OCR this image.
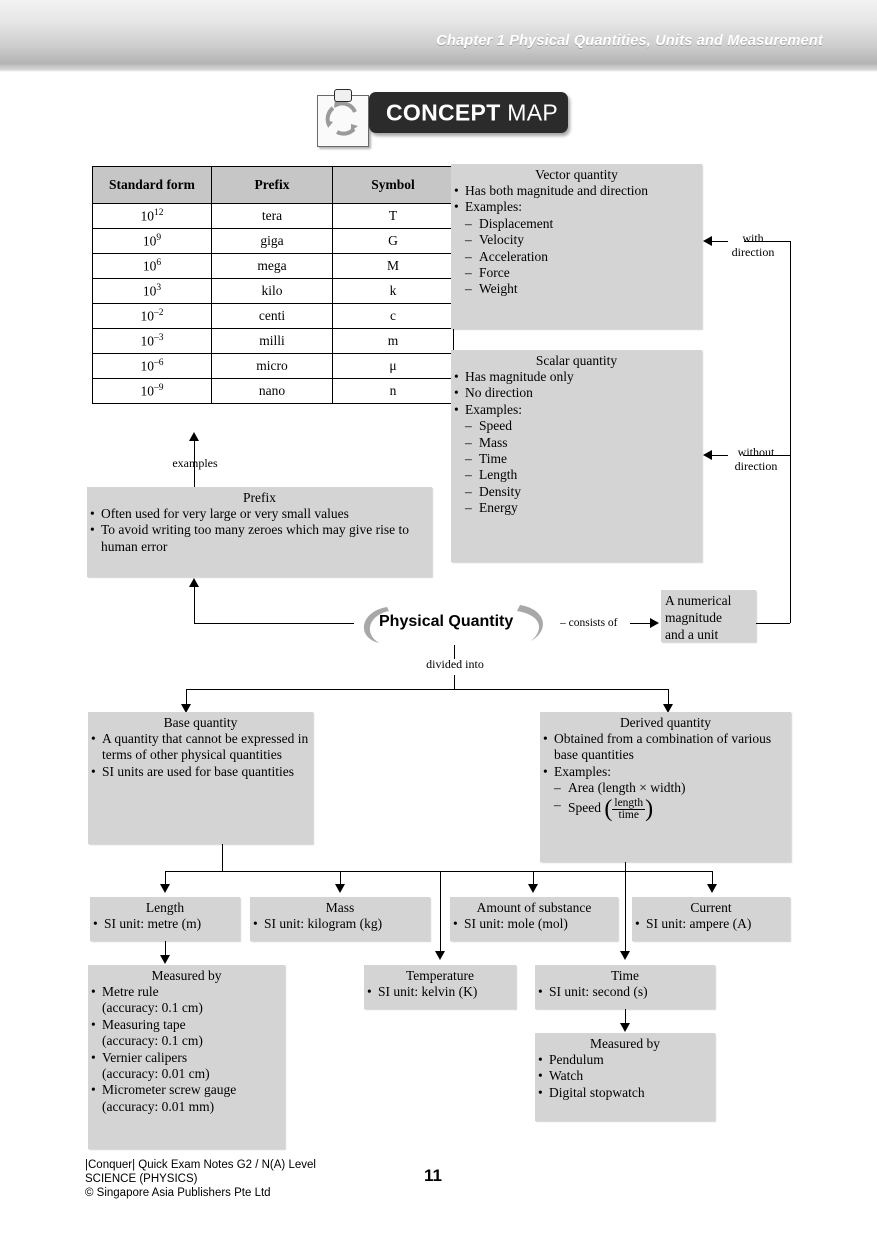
Chapter 1 Physical Quantities, Units and Measurement
CONCEPT MAP
Standard form	Prefix	Symbol
$10^{12}$	tera	T
$10^9$	giga	G
$10^6$	mega	M
$10^3$	kilo	k
$10^{-2}$	centi	c
$10^{-3}$	milli	m
$10^{-6}$	micro	μ
$10^{-9}$	nano	n
Vector quantity
• Has both magnitude and direction
• Examples:
– Displacement
– Velocity
– Acceleration
– Force
– Weight
Scalar quantity
• Has magnitude only
• No direction
• Examples:
– Speed
– Mass
– Time
– Length
– Density
– Energy
with
direction
without
direction
examples
Prefix
• Often used for very large or very small values
• To avoid writing too many zeroes which may give rise to human error
Physical Quantity	– consists of
A numerical
magnitude
and a unit
divided into
Base quantity
• A quantity that cannot be expressed in terms of other physical quantities
• SI units are used for base quantities
Derived quantity
• Obtained from a combination of various base quantities
• Examples:
– Area (length × width)
– Speed $(\frac{\text{length}}{\text{time}})$
Length
• SI unit: metre (m)
Mass
• SI unit: kilogram (kg)
Amount of substance
• SI unit: mole (mol)
Current
• SI unit: ampere (A)
Temperature
• SI unit: kelvin (K)
Time
• SI unit: second (s)
Measured by
• Metre rule
(accuracy: 0.1 cm)
• Measuring tape
(accuracy: 0.1 cm)
• Vernier calipers
(accuracy: 0.01 cm)
• Micrometer screw gauge
(accuracy: 0.01 mm)
Measured by
• Pendulum
• Watch
• Digital stopwatch
|Conquer| Quick Exam Notes G2 / N(A) Level
SCIENCE (PHYSICS)
© Singapore Asia Publishers Pte Ltd
11
